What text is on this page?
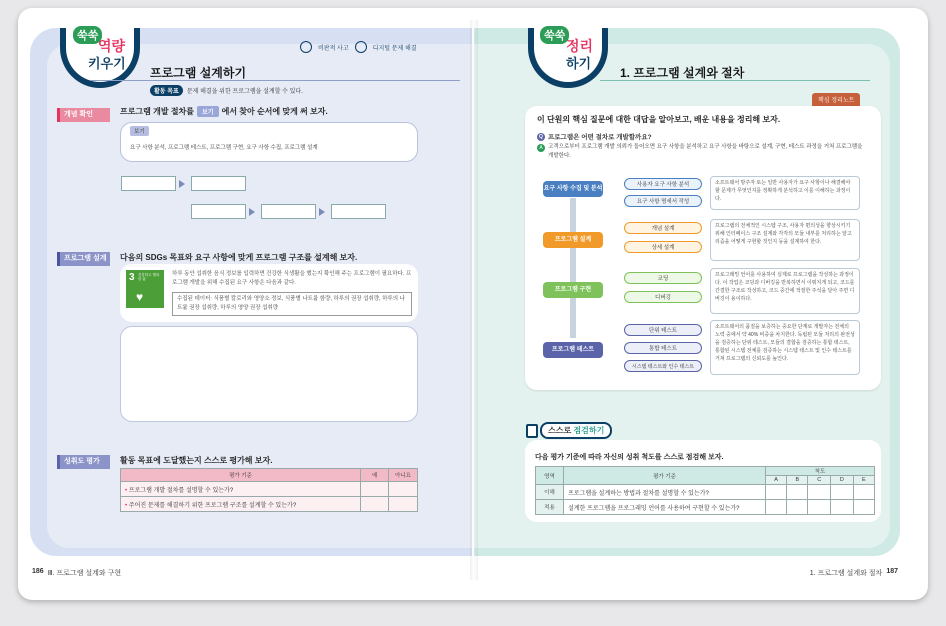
쑥쑥
역량
키우기
비판적 사고	디지털 문제 해결
프로그램 설계하기
활동 목표	문제 해결을 위한 프로그램을 설계할 수 있다.
개념 확인	프로그램 개발 절차를	보기	에서 찾아 순서에 맞게 써 보자.
보기
요구 사항 분석, 프로그램 테스트, 프로그램 구현, 요구 사항 수집, 프로그램 설계
프로그램 설계	다음의 SDGs 목표와 요구 사항에 맞게 프로그램 구조를 설계해 보자.
3 건강하고 행복한 삶
♥
하루 동안 섭취한 음식 정보를 입력하면 건강한 식생활을 했는지 확인해 주는 프로그램이 필요하다. 프로그램 개발을 위해 수집된 요구 사항은 다음과 같다.
수집된 데이터: 식품별 칼로리와 영양소 정보, 식품별 나트륨 함량, 하루의 권장 섭취량, 하루의 나트륨 권장 섭취량, 하루의 영양 권장 섭취량
성취도 평가	활동 목표에 도달했는지 스스로 평가해 보자.
평가 기준	예	아니요
• 프로그램 개발 절차를 설명할 수 있는가?		
• 주어진 문제를 해결하기 위한 프로그램 구조를 설계할 수 있는가?		
186 Ⅲ. 프로그램 설계와 구현
쑥쑥
정리
하기
1. 프로그램 설계와 절차
핵심 정리노트
이 단원의 핵심 질문에 대한 대답을 알아보고, 배운 내용을 정리해 보자.
Q 프로그램은 어떤 절차로 개발할까요?
A 고객으로부터 프로그램 개발 의뢰가 들어오면 요구 사항을 분석하고 요구 사항을 바탕으로 설계, 구현, 테스트 과정을 거쳐 프로그램을 개발한다.
요구 사항 수집 및 분석
사용자 요구 사항 분석
요구 사항 명세서 작성
소프트웨어 방주자 또는 일반 사용자가 요구 사항이나 해결해야 할 문제가 무엇인지를 정확하게 분석하고 이를 이해하는 과정이다.
프로그램 설계
개념 설계
상세 설계
프로그램의 전체적인 시스템 구조, 사용자 편의성을 향상시키기 위해 인터페이스 구조 설계와 각각의 모듈 내부를 처리하는 알고리즘을 어떻게 구현할 것인지 등을 설계하여 한다.
프로그램 구현
코딩
디버깅
프로그래밍 언어를 사용하여 실제로 프로그램을 작성하는 과정이다. 이 작업은 코딩과 디버깅을 반복하면서 이뤄지게 되고, 코드를 간결한 구조로 작성하고, 코드 중간에 적절한 주석을 달아 주면 디버깅이 용이하다.
프로그램 테스트
단위 테스트
통합 테스트
시스템 테스트와 인수 테스트
소프트웨어의 품질을 보증하는 중요한 단계로 개발자는 전체의 노력 중에서 약 40% 비중을 차지한다. 독립된 모듈 처리의 완전성을 검증하는 단위 테스트, 모듈의 결합을 검증하는 통합 테스트, 통합된 시스템 전체를 검증하는 시스템 테스트 및 인수 테스트를 거쳐 프로그램의 신뢰도를 높인다.
스스로 점검하기
다음 평가 기준에 따라 자신의 성취 척도를 스스로 점검해 보자.
영역	평가 기준	척도				
		A	B	C	D	E
이해	프로그램을 설계하는 방법과 절차를 설명할 수 있는가?					
적용	설계한 프로그램을 프로그래밍 언어를 사용하여 구현할 수 있는가?					
1. 프로그램 설계와 절차 187
